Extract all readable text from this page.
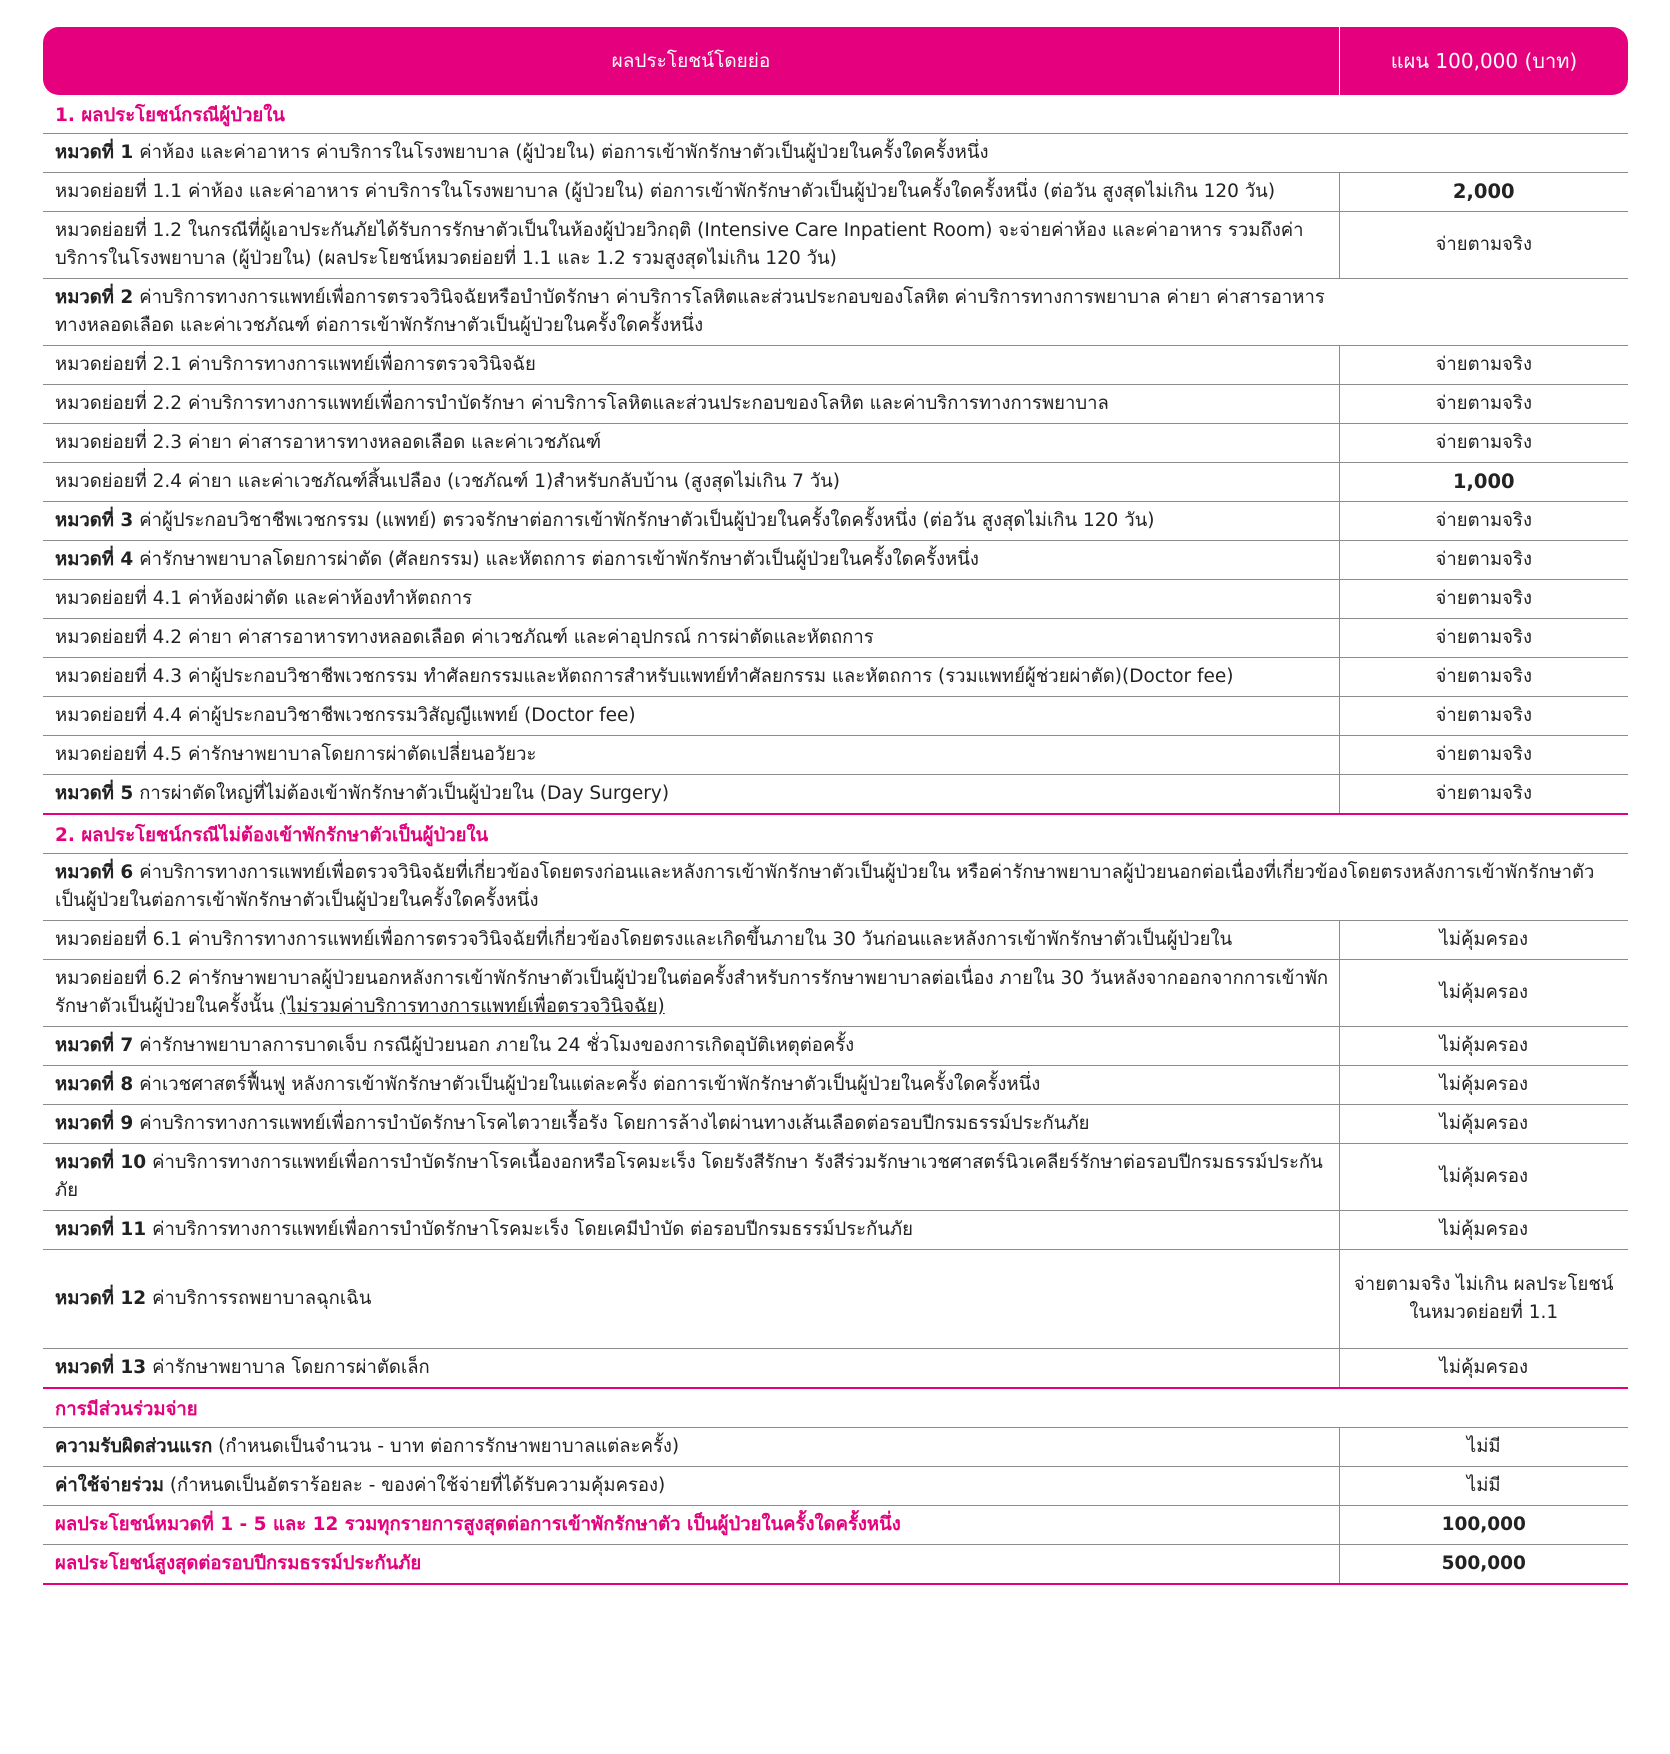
ผลประโยชน์โดยย่อ	แผน 100,000 (บาท)
1. ผลประโยชน์กรณีผู้ป่วยใน	
หมวดที่ 1 ค่าห้อง และค่าอาหาร ค่าบริการในโรงพยาบาล (ผู้ป่วยใน) ต่อการเข้าพักรักษาตัวเป็นผู้ป่วยในครั้งใดครั้งหนึ่ง	
หมวดย่อยที่ 1.1 ค่าห้อง และค่าอาหาร ค่าบริการในโรงพยาบาล (ผู้ป่วยใน) ต่อการเข้าพักรักษาตัวเป็นผู้ป่วยในครั้งใดครั้งหนึ่ง (ต่อวัน สูงสุดไม่เกิน 120 วัน)	2,000
หมวดย่อยที่ 1.2 ในกรณีที่ผู้เอาประกันภัยได้รับการรักษาตัวเป็นในห้องผู้ป่วยวิกฤติ (Intensive Care Inpatient Room) จะจ่ายค่าห้อง และค่าอาหาร รวมถึงค่าบริการในโรงพยาบาล (ผู้ป่วยใน) (ผลประโยชน์หมวดย่อยที่ 1.1 และ 1.2 รวมสูงสุดไม่เกิน 120 วัน)	จ่ายตามจริง
หมวดที่ 2 ค่าบริการทางการแพทย์เพื่อการตรวจวินิจฉัยหรือบำบัดรักษา ค่าบริการโลหิตและส่วนประกอบของโลหิต ค่าบริการทางการพยาบาล ค่ายา ค่าสารอาหารทางหลอดเลือด และค่าเวชภัณฑ์ ต่อการเข้าพักรักษาตัวเป็นผู้ป่วยในครั้งใดครั้งหนึ่ง	
หมวดย่อยที่ 2.1 ค่าบริการทางการแพทย์เพื่อการตรวจวินิจฉัย	จ่ายตามจริง
หมวดย่อยที่ 2.2 ค่าบริการทางการแพทย์เพื่อการบำบัดรักษา ค่าบริการโลหิตและส่วนประกอบของโลหิต และค่าบริการทางการพยาบาล	จ่ายตามจริง
หมวดย่อยที่ 2.3 ค่ายา ค่าสารอาหารทางหลอดเลือด และค่าเวชภัณฑ์	จ่ายตามจริง
หมวดย่อยที่ 2.4 ค่ายา และค่าเวชภัณฑ์สิ้นเปลือง (เวชภัณฑ์ 1)สำหรับกลับบ้าน (สูงสุดไม่เกิน 7 วัน)	1,000
หมวดที่ 3 ค่าผู้ประกอบวิชาชีพเวชกรรม (แพทย์) ตรวจรักษาต่อการเข้าพักรักษาตัวเป็นผู้ป่วยในครั้งใดครั้งหนึ่ง (ต่อวัน สูงสุดไม่เกิน 120 วัน)	จ่ายตามจริง
หมวดที่ 4 ค่ารักษาพยาบาลโดยการผ่าตัด (ศัลยกรรม) และหัตถการ ต่อการเข้าพักรักษาตัวเป็นผู้ป่วยในครั้งใดครั้งหนึ่ง	จ่ายตามจริง
หมวดย่อยที่ 4.1 ค่าห้องผ่าตัด และค่าห้องทำหัตถการ	จ่ายตามจริง
หมวดย่อยที่ 4.2 ค่ายา ค่าสารอาหารทางหลอดเลือด ค่าเวชภัณฑ์ และค่าอุปกรณ์ การผ่าตัดและหัตถการ	จ่ายตามจริง
หมวดย่อยที่ 4.3 ค่าผู้ประกอบวิชาชีพเวชกรรม ทำศัลยกรรมและหัตถการสำหรับแพทย์ทำศัลยกรรม และหัตถการ (รวมแพทย์ผู้ช่วยผ่าตัด)(Doctor fee)	จ่ายตามจริง
หมวดย่อยที่ 4.4 ค่าผู้ประกอบวิชาชีพเวชกรรมวิสัญญีแพทย์ (Doctor fee)	จ่ายตามจริง
หมวดย่อยที่ 4.5 ค่ารักษาพยาบาลโดยการผ่าตัดเปลี่ยนอวัยวะ	จ่ายตามจริง
หมวดที่ 5 การผ่าตัดใหญ่ที่ไม่ต้องเข้าพักรักษาตัวเป็นผู้ป่วยใน (Day Surgery)	จ่ายตามจริง
2. ผลประโยชน์กรณีไม่ต้องเข้าพักรักษาตัวเป็นผู้ป่วยใน	
หมวดที่ 6 ค่าบริการทางการแพทย์เพื่อตรวจวินิจฉัยที่เกี่ยวข้องโดยตรงก่อนและหลังการเข้าพักรักษาตัวเป็นผู้ป่วยใน หรือค่ารักษาพยาบาลผู้ป่วยนอกต่อเนื่องที่เกี่ยวข้องโดยตรงหลังการเข้าพักรักษาตัวเป็นผู้ป่วยในต่อการเข้าพักรักษาตัวเป็นผู้ป่วยในครั้งใดครั้งหนึ่ง	
หมวดย่อยที่ 6.1 ค่าบริการทางการแพทย์เพื่อการตรวจวินิจฉัยที่เกี่ยวข้องโดยตรงและเกิดขึ้นภายใน 30 วันก่อนและหลังการเข้าพักรักษาตัวเป็นผู้ป่วยใน	ไม่คุ้มครอง
หมวดย่อยที่ 6.2 ค่ารักษาพยาบาลผู้ป่วยนอกหลังการเข้าพักรักษาตัวเป็นผู้ป่วยในต่อครั้งสำหรับการรักษาพยาบาลต่อเนื่อง ภายใน 30 วันหลังจากออกจากการเข้าพักรักษาตัวเป็นผู้ป่วยในครั้งนั้น (ไม่รวมค่าบริการทางการแพทย์เพื่อตรวจวินิจฉัย)	ไม่คุ้มครอง
หมวดที่ 7 ค่ารักษาพยาบาลการบาดเจ็บ กรณีผู้ป่วยนอก ภายใน 24 ชั่วโมงของการเกิดอุบัติเหตุต่อครั้ง	ไม่คุ้มครอง
หมวดที่ 8 ค่าเวชศาสตร์ฟื้นฟู หลังการเข้าพักรักษาตัวเป็นผู้ป่วยในแต่ละครั้ง ต่อการเข้าพักรักษาตัวเป็นผู้ป่วยในครั้งใดครั้งหนึ่ง	ไม่คุ้มครอง
หมวดที่ 9 ค่าบริการทางการแพทย์เพื่อการบำบัดรักษาโรคไตวายเรื้อรัง โดยการล้างไตผ่านทางเส้นเลือดต่อรอบปีกรมธรรม์ประกันภัย	ไม่คุ้มครอง
หมวดที่ 10 ค่าบริการทางการแพทย์เพื่อการบำบัดรักษาโรคเนื้องอกหรือโรคมะเร็ง โดยรังสีรักษา รังสีร่วมรักษาเวชศาสตร์นิวเคลียร์รักษาต่อรอบปีกรมธรรม์ประกันภัย	ไม่คุ้มครอง
หมวดที่ 11 ค่าบริการทางการแพทย์เพื่อการบำบัดรักษาโรคมะเร็ง โดยเคมีบำบัด ต่อรอบปีกรมธรรม์ประกันภัย	ไม่คุ้มครอง
หมวดที่ 12 ค่าบริการรถพยาบาลฉุกเฉิน	จ่ายตามจริง ไม่เกิน ผลประโยชน์ในหมวดย่อยที่ 1.1
หมวดที่ 13 ค่ารักษาพยาบาล โดยการผ่าตัดเล็ก	ไม่คุ้มครอง
การมีส่วนร่วมจ่าย	
ความรับผิดส่วนแรก (กำหนดเป็นจำนวน - บาท ต่อการรักษาพยาบาลแต่ละครั้ง)	ไม่มี
ค่าใช้จ่ายร่วม (กำหนดเป็นอัตราร้อยละ - ของค่าใช้จ่ายที่ได้รับความคุ้มครอง)	ไม่มี
ผลประโยชน์หมวดที่ 1 - 5 และ 12 รวมทุกรายการสูงสุดต่อการเข้าพักรักษาตัว เป็นผู้ป่วยในครั้งใดครั้งหนึ่ง	100,000
ผลประโยชน์สูงสุดต่อรอบปีกรมธรรม์ประกันภัย	500,000
